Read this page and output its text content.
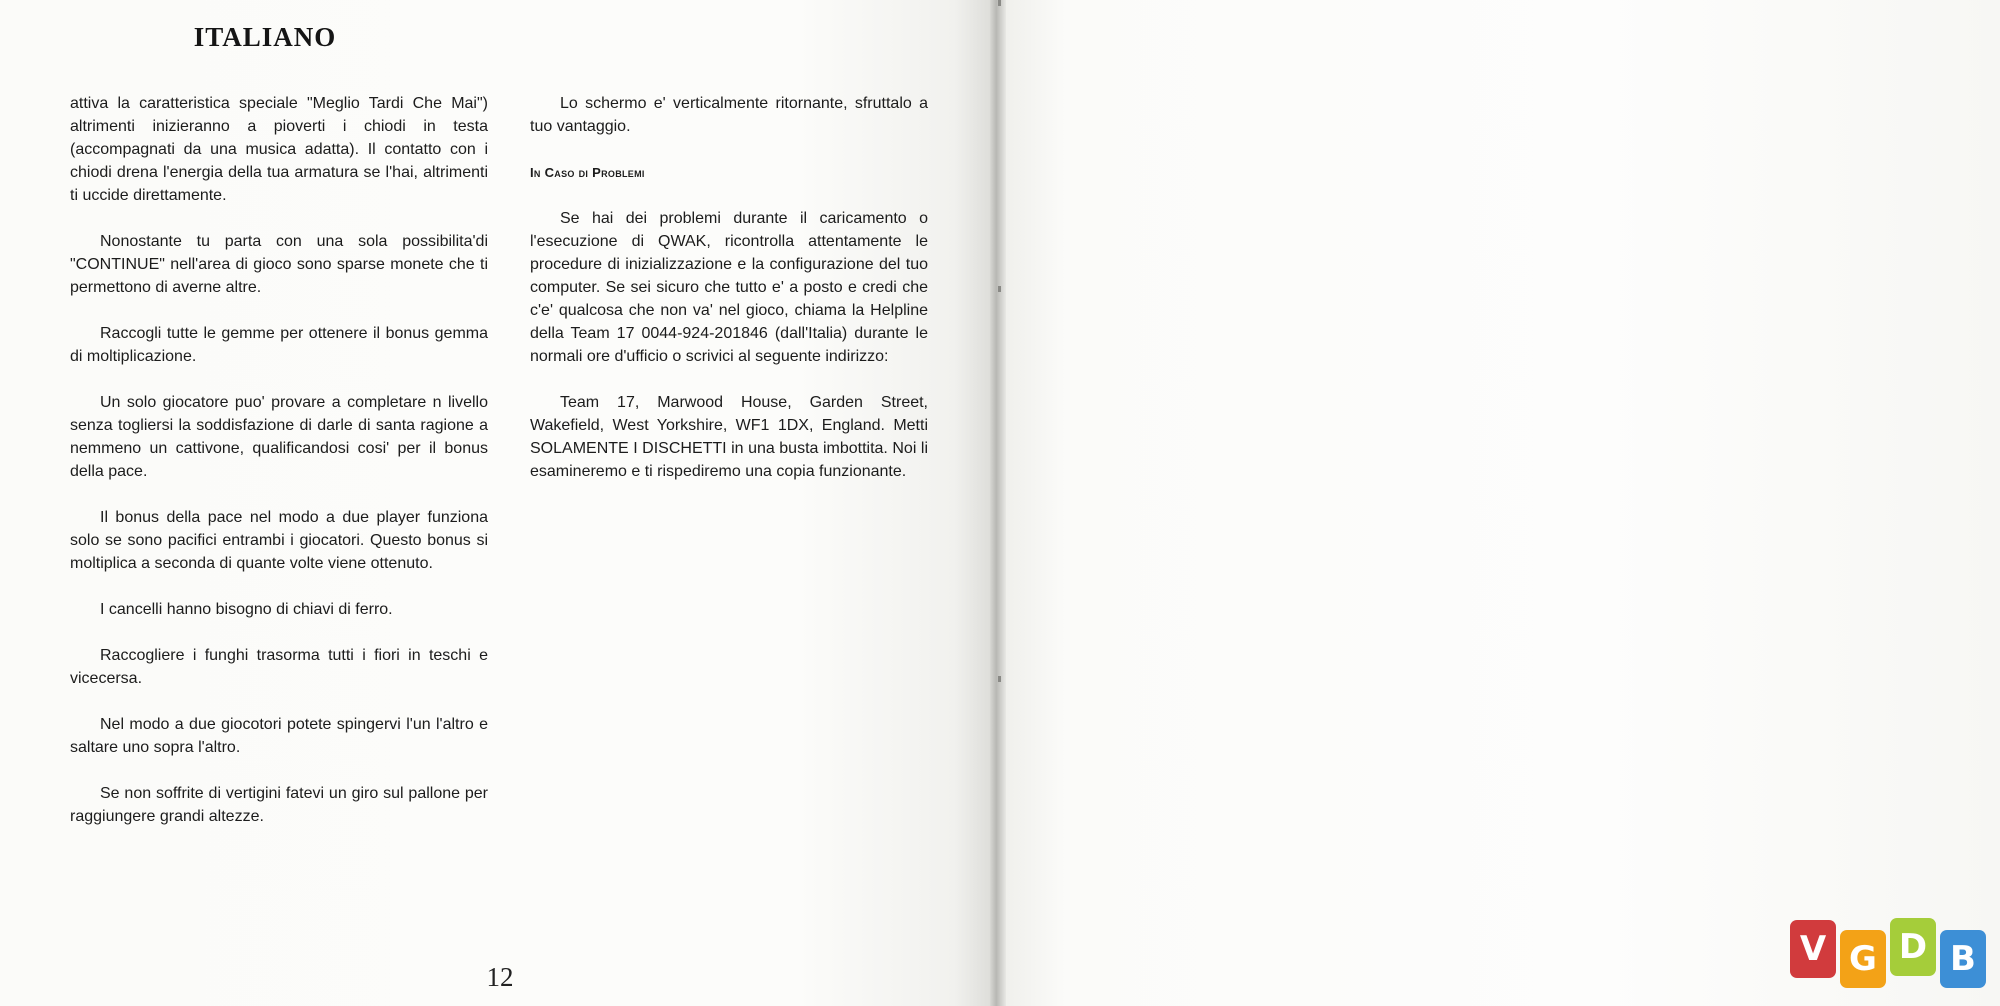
ITALIANO

attiva la caratteristica speciale "Meglio Tardi Che Mai") altrimenti inizieranno a pioverti i chiodi in testa (accompagnati da una musica adatta). Il contatto con i chiodi drena l'energia della tua armatura se l'hai, altrimenti ti uccide direttamente.

Nonostante tu parta con una sola possibilita'di "CONTINUE" nell'area di gioco sono sparse monete che ti permettono di averne altre.

Raccogli tutte le gemme per ottenere il bonus gemma di moltiplicazione.

Un solo giocatore puo' provare a completare n livello senza togliersi la soddisfazione di darle di santa ragione a nemmeno un cattivone, qualificandosi cosi' per il bonus della pace.

Il bonus della pace nel modo a due player funziona solo se sono pacifici entrambi i giocatori. Questo bonus si moltiplica a seconda di quante volte viene ottenuto.

I cancelli hanno bisogno di chiavi di ferro.

Raccogliere i funghi trasorma tutti i fiori in teschi e vicecersa.

Nel modo a due giocotori potete spingervi l'un l'altro e saltare uno sopra l'altro.

Se non soffrite di vertigini fatevi un giro sul pallone per raggiungere grandi altezze.

Lo schermo e' verticalmente ritornante, sfruttalo a tuo vantaggio.

In Caso di Problemi

Se hai dei problemi durante il caricamento o l'esecuzione di QWAK, ricontrolla attentamente le procedure di inizializzazione e la configurazione del tuo computer. Se sei sicuro che tutto e' a posto e credi che c'e' qualcosa che non va' nel gioco, chiama la Helpline della Team 17 0044-924-201846 (dall'Italia) durante le normali ore d'ufficio o scrivici al seguente indirizzo:

Team 17, Marwood House, Garden Street, Wakefield, West Yorkshire, WF1 1DX, England. Metti SOLAMENTE I DISCHETTI in una busta imbottita. Noi li esamineremo e ti rispediremo una copia funzionante.

12
V G D B
